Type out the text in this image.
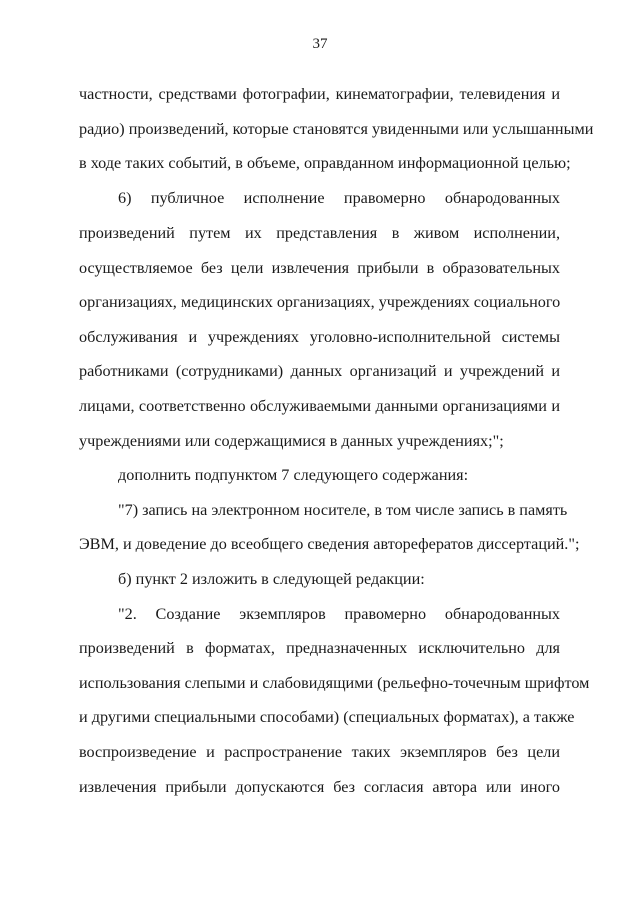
37
частности, средствами фотографии, кинематографии, телевидения и
радио) произведений, которые становятся увиденными или услышанными
в ходе таких событий, в объеме, оправданном информационной целью;
6) публичное исполнение правомерно обнародованных
произведений путем их представления в живом исполнении,
осуществляемое без цели извлечения прибыли в образовательных
организациях, медицинских организациях, учреждениях социального
обслуживания и учреждениях уголовно-исполнительной системы
работниками (сотрудниками) данных организаций и учреждений и
лицами, соответственно обслуживаемыми данными организациями и
учреждениями или содержащимися в данных учреждениях;";
дополнить подпунктом 7 следующего содержания:
"7) запись на электронном носителе, в том числе запись в память
ЭВМ, и доведение до всеобщего сведения авторефератов диссертаций.";
б) пункт 2 изложить в следующей редакции:
"2. Создание экземпляров правомерно обнародованных
произведений в форматах, предназначенных исключительно для
использования слепыми и слабовидящими (рельефно-точечным шрифтом
и другими специальными способами) (специальных форматах), а также
воспроизведение и распространение таких экземпляров без цели
извлечения прибыли допускаются без согласия автора или иного
